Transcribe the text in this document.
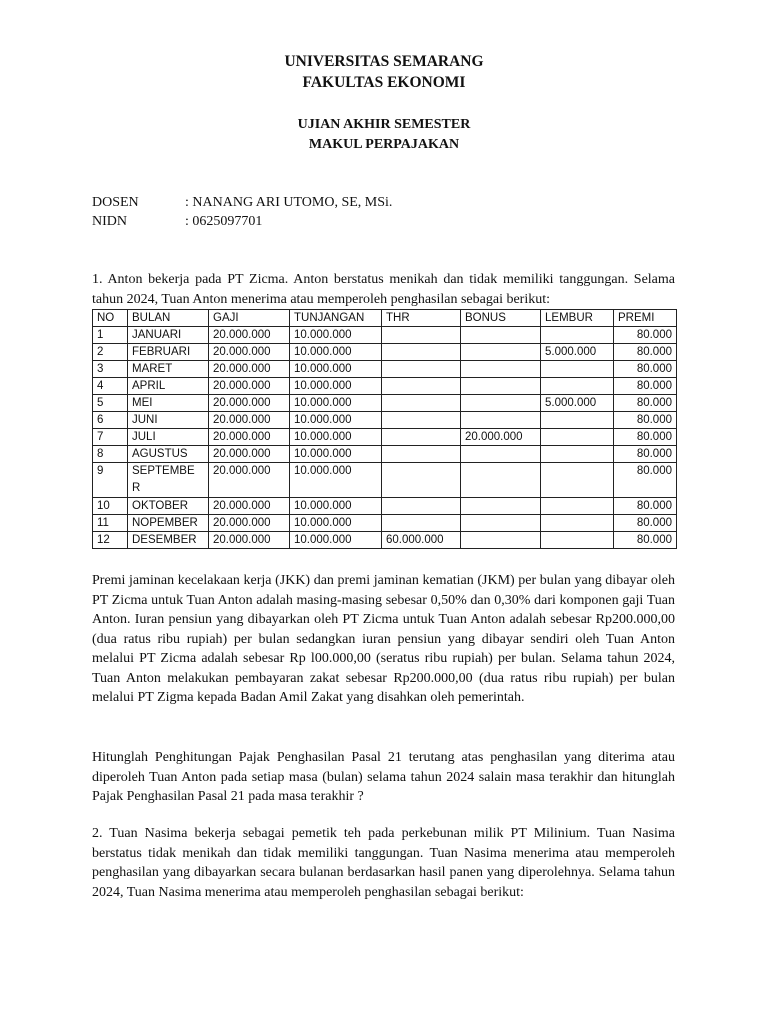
UNIVERSITAS SEMARANG
FAKULTAS EKONOMI
UJIAN AKHIR SEMESTER
MAKUL PERPAJAKAN
DOSEN	: NANANG ARI UTOMO, SE, MSi.
NIDN	: 0625097701

1. Anton bekerja pada PT Zicma. Anton berstatus menikah dan tidak memiliki tanggungan. Selama tahun 2024, Tuan Anton menerima atau memperoleh penghasilan sebagai berikut:

NO	BULAN	GAJI	TUNJANGAN	THR	BONUS	LEMBUR	PREMI
1	JANUARI	20.000.000	10.000.000				80.000
2	FEBRUARI	20.000.000	10.000.000			5.000.000	80.000
3	MARET	20.000.000	10.000.000				80.000
4	APRIL	20.000.000	10.000.000				80.000
5	MEI	20.000.000	10.000.000			5.000.000	80.000
6	JUNI	20.000.000	10.000.000				80.000
7	JULI	20.000.000	10.000.000		20.000.000		80.000
8	AGUSTUS	20.000.000	10.000.000				80.000
9	SEPTEMBE R	20.000.000	10.000.000				80.000
10	OKTOBER	20.000.000	10.000.000				80.000
11	NOPEMBER	20.000.000	10.000.000				80.000
12	DESEMBER	20.000.000	10.000.000	60.000.000			80.000

Premi jaminan kecelakaan kerja (JKK) dan premi jaminan kematian (JKM) per bulan yang dibayar oleh PT Zicma untuk Tuan Anton adalah masing-masing sebesar 0,50% dan 0,30% dari komponen gaji Tuan Anton. Iuran pensiun yang dibayarkan oleh PT Zicma untuk Tuan Anton adalah sebesar Rp200.000,00 (dua ratus ribu rupiah) per bulan sedangkan iuran pensiun yang dibayar sendiri oleh Tuan Anton melalui PT Zicma adalah sebesar Rp l00.000,00 (seratus ribu rupiah) per bulan. Selama tahun 2024, Tuan Anton melakukan pembayaran zakat sebesar Rp200.000,00 (dua ratus ribu rupiah) per bulan melalui PT Zigma kepada Badan Amil Zakat yang disahkan oleh pemerintah.

Hitunglah Penghitungan Pajak Penghasilan Pasal 21 terutang atas penghasilan yang diterima atau diperoleh Tuan Anton pada setiap masa (bulan) selama tahun 2024 salain masa terakhir dan hitunglah Pajak Penghasilan Pasal 21 pada masa terakhir ?

2. Tuan Nasima bekerja sebagai pemetik teh pada perkebunan milik PT Milinium. Tuan Nasima berstatus tidak menikah dan tidak memiliki tanggungan. Tuan Nasima menerima atau memperoleh penghasilan yang dibayarkan secara bulanan berdasarkan hasil panen yang diperolehnya. Selama tahun 2024, Tuan Nasima menerima atau memperoleh penghasilan sebagai berikut:
